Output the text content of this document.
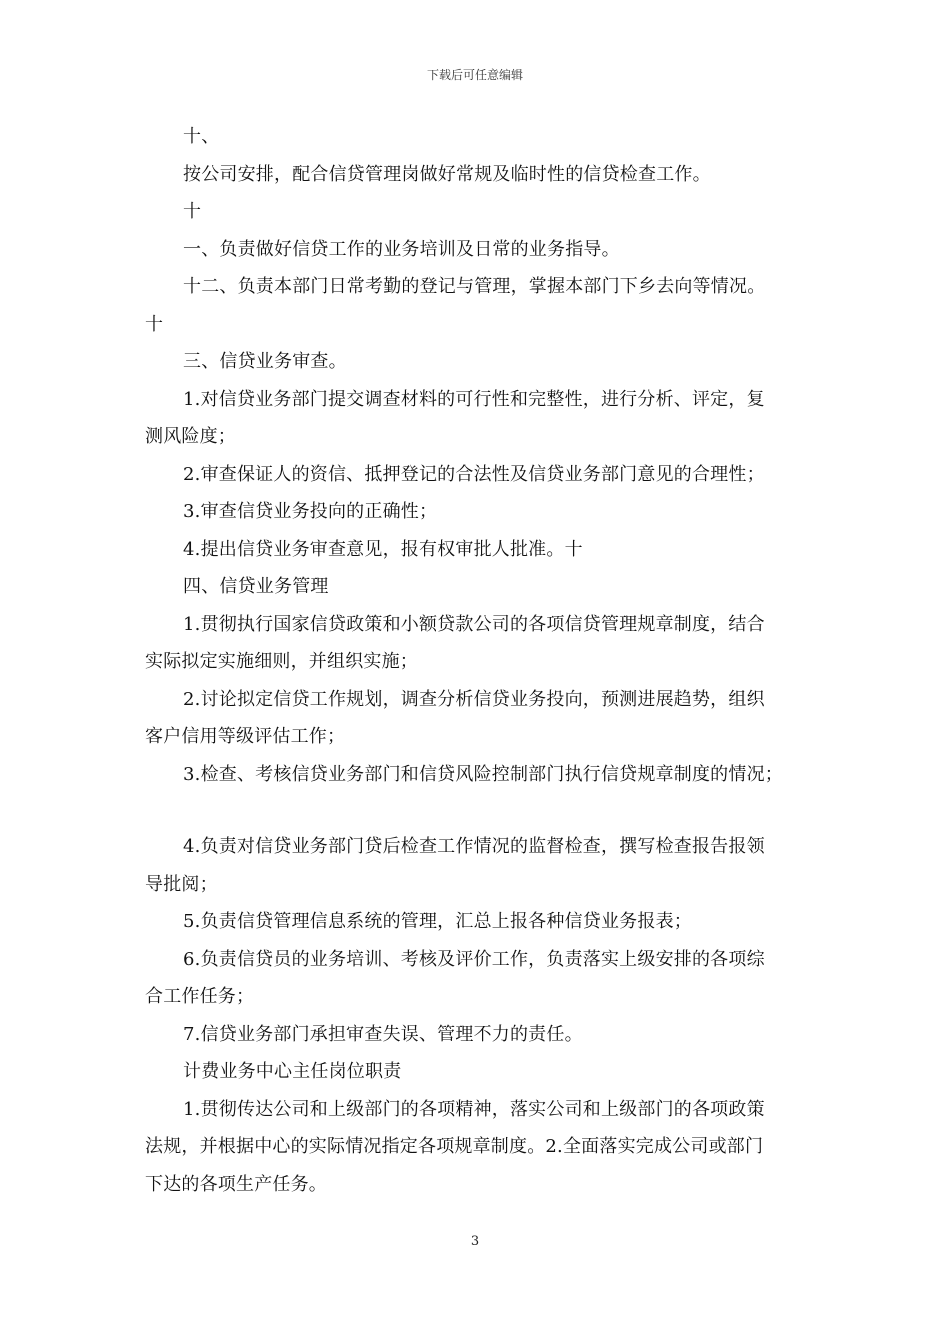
下载后可任意编辑
十、
按公司安排，配合信贷管理岗做好常规及临时性的信贷检查工作。
十
一、负责做好信贷工作的业务培训及日常的业务指导。
十二、负责本部门日常考勤的登记与管理，掌握本部门下乡去向等情况。
十
三、信贷业务审查。
1.对信贷业务部门提交调查材料的可行性和完整性，进行分析、评定，复
测风险度；
2.审查保证人的资信、抵押登记的合法性及信贷业务部门意见的合理性；
3.审查信贷业务投向的正确性；
4.提出信贷业务审查意见，报有权审批人批准。十
四、信贷业务管理
1.贯彻执行国家信贷政策和小额贷款公司的各项信贷管理规章制度，结合
实际拟定实施细则，并组织实施；
2.讨论拟定信贷工作规划，调查分析信贷业务投向，预测进展趋势，组织
客户信用等级评估工作；
3.检查、考核信贷业务部门和信贷风险控制部门执行信贷规章制度的情况；
4.负责对信贷业务部门贷后检查工作情况的监督检查，撰写检查报告报领
导批阅；
5.负责信贷管理信息系统的管理，汇总上报各种信贷业务报表；
6.负责信贷员的业务培训、考核及评价工作，负责落实上级安排的各项综
合工作任务；
7.信贷业务部门承担审查失误、管理不力的责任。
计费业务中心主任岗位职责
1.贯彻传达公司和上级部门的各项精神，落实公司和上级部门的各项政策
法规，并根据中心的实际情况指定各项规章制度。2.全面落实完成公司或部门
下达的各项生产任务。
3
